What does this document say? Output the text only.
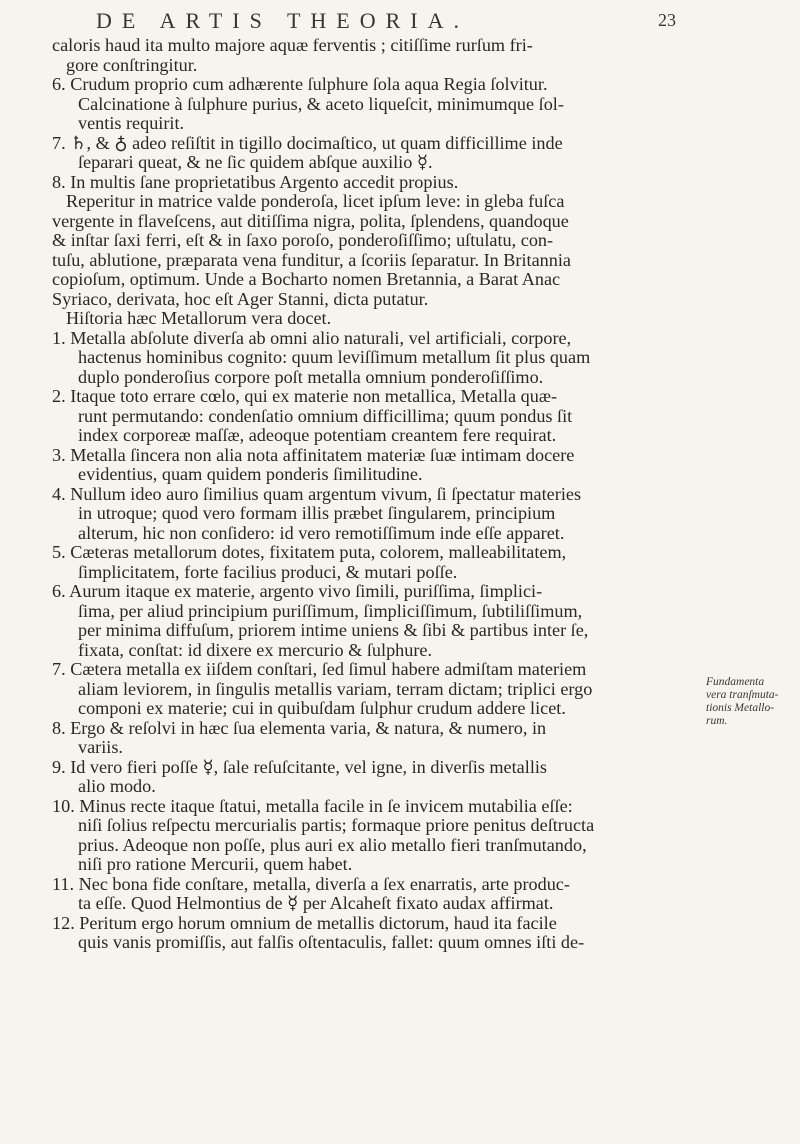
DE ARTIS THEORIA.	23
caloris haud ita multo majore aquæ ferventis ; citiſſime rurſum fri-
gore conſtringitur.
6. Crudum proprio cum adhærente ſulphure ſola aqua Regia ſolvitur.
Calcinatione à ſulphure purius, & aceto liqueſcit, minimumque ſol-
ventis requirit.
7. ♄, & ♁ adeo reſiſtit in tigillo docimaſtico, ut quam difficillime inde
ſeparari queat, & ne ſic quidem abſque auxilio ☿.
8. In multis ſane proprietatibus Argento accedit propius.
Reperitur in matrice valde ponderoſa, licet ipſum leve: in gleba fuſca
vergente in flaveſcens, aut ditiſſima nigra, polita, ſplendens, quandoque
& inſtar ſaxi ferri, eſt & in ſaxo poroſo, ponderoſiſſimo; uſtulatu, con-
tuſu, ablutione, præparata vena funditur, a ſcoriis ſeparatur. In Britannia
copioſum, optimum. Unde a Bocharto nomen Bretannia, a Barat Anac
Syriaco, derivata, hoc eſt Ager Stanni, dicta putatur.
Hiſtoria hæc Metallorum vera docet.
1. Metalla abſolute diverſa ab omni alio naturali, vel artificiali, corpore,
hactenus hominibus cognito: quum leviſſimum metallum ſit plus quam
duplo ponderoſius corpore poſt metalla omnium ponderoſiſſimo.
2. Itaque toto errare cœlo, qui ex materie non metallica, Metalla quæ-
runt permutando: condenſatio omnium difficillima; quum pondus ſit
index corporeæ maſſæ, adeoque potentiam creantem fere requirat.
3. Metalla ſincera non alia nota affinitatem materiæ ſuæ intimam docere
evidentius, quam quidem ponderis ſimilitudine.
4. Nullum ideo auro ſimilius quam argentum vivum, ſi ſpectatur materies
in utroque; quod vero formam illis præbet ſingularem, principium
alterum, hic non conſidero: id vero remotiſſimum inde eſſe apparet.
5. Cæteras metallorum dotes, fixitatem puta, colorem, malleabilitatem,
ſimplicitatem, forte facilius produci, & mutari poſſe.
6. Aurum itaque ex materie, argento vivo ſimili, puriſſima, ſimplici-
ſima, per aliud principium puriſſimum, ſimpliciſſimum, ſubtiliſſimum,
per minima diffuſum, priorem intime uniens & ſibi & partibus inter ſe,
fixata, conſtat: id dixere ex mercurio & ſulphure.
7. Cætera metalla ex iiſdem conſtari, ſed ſimul habere admiſtam materiem
aliam leviorem, in ſingulis metallis variam, terram dictam; triplici ergo
componi ex materie; cui in quibuſdam ſulphur crudum addere licet.
8. Ergo & reſolvi in hæc ſua elementa varia, & natura, & numero, in
variis.
9. Id vero fieri poſſe ☿, ſale reſuſcitante, vel igne, in diverſis metallis
alio modo.
10. Minus recte itaque ſtatui, metalla facile in ſe invicem mutabilia eſſe:
niſi ſolius reſpectu mercurialis partis; formaque priore penitus deſtructa
prius. Adeoque non poſſe, plus auri ex alio metallo fieri tranſmutando,
niſi pro ratione Mercurii, quem habet.
11. Nec bona fide conſtare, metalla, diverſa a ſex enarratis, arte produc-
ta eſſe. Quod Helmontius de ☿ per Alcaheſt fixato audax affirmat.
12. Peritum ergo horum omnium de metallis dictorum, haud ita facile
quis vanis promiſſis, aut falſis oſtentaculis, fallet: quum omnes iſti de-
Fundamenta
vera tranſmuta-
tionis Metallo-
rum.
